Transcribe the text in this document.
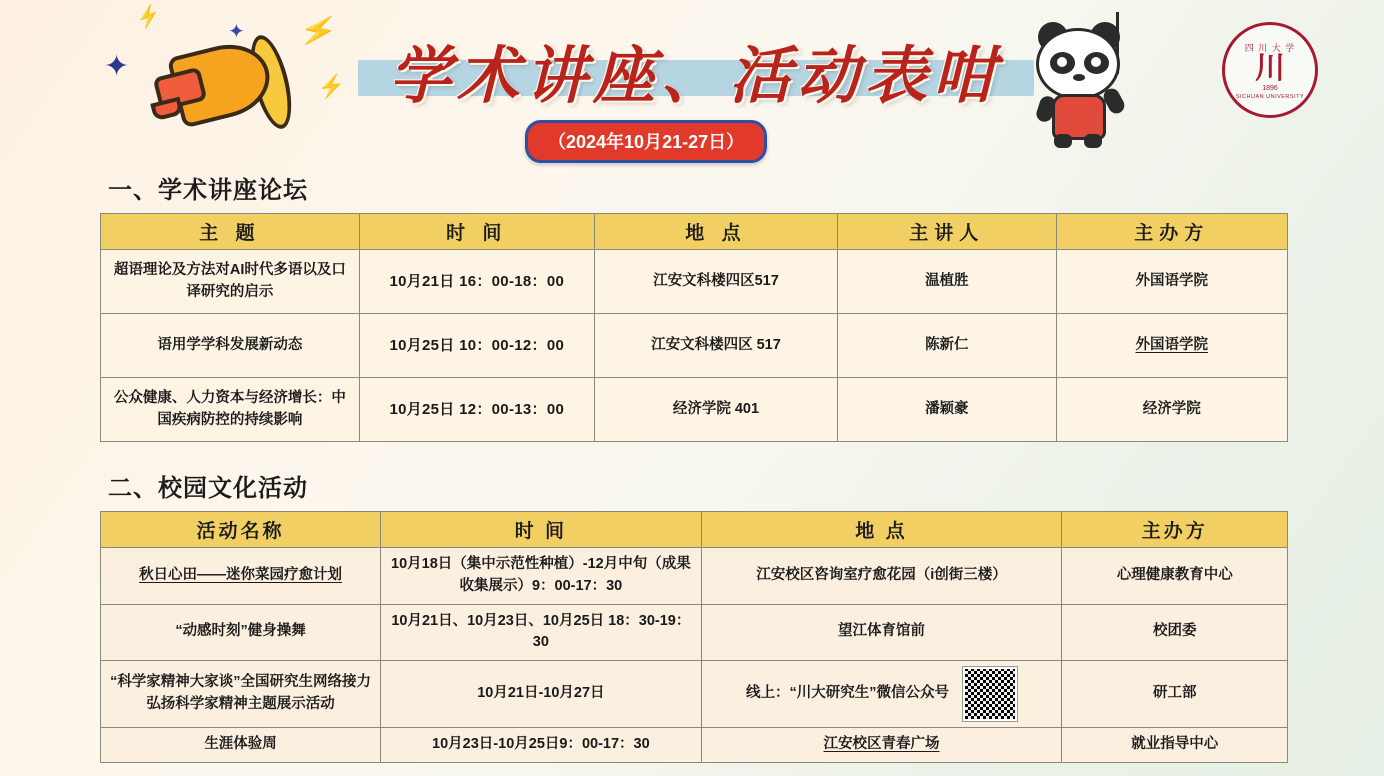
✦
✦
⚡	⚡
⚡ 学术讲座、活动表咁
（2024年10月21-27日）
四 川 大 学
川
1896
SICHUAN UNIVERSITY
一、学术讲座论坛
主 题	时 间	地 点	主讲人	主办方
超语理论及方法对AI时代多语以及口译研究的启示	10月21日 16：00-18：00	江安文科楼四区517	温植胜	外国语学院
语用学学科发展新动态	10月25日 10：00-12：00	江安文科楼四区 517	陈新仁	外国语学院
公众健康、人力资本与经济增长：中国疾病防控的持续影响	10月25日 12：00-13：00	经济学院 401	潘颖豪	经济学院
二、校园文化活动
活动名称	时 间	地 点	主办方
秋日心田——迷你菜园疗愈计划	10月18日（集中示范性种植）-12月中旬（成果收集展示）9：00-17：30	江安校区咨询室疗愈花园（i创街三楼）	心理健康教育中心
“动感时刻”健身操舞	10月21日、10月23日、10月25日 18：30-19：30	望江体育馆前	校团委
“科学家精神大家谈”全国研究生网络接力弘扬科学家精神主题展示活动	10月21日-10月27日	线上：“川大研究生”微信公众号	研工部
生涯体验周	10月23日-10月25日9：00-17：30	江安校区青春广场	就业指导中心
